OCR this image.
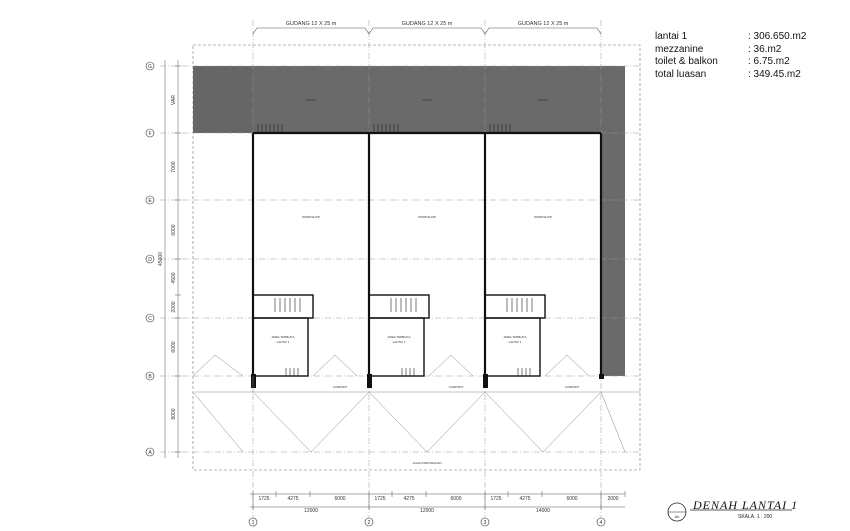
GUDANG 12 X 25 m	GUDANG 12 X 25 m	GUDANG 12 X 25 m
G
F
E
D
C
B
A
VAR
7000
6000
45000
4500
2000
6000
8000
TAMAN	TAMAN	TAMAN
WORKSHOP	WORKSHOP	WORKSHOP
AREA TERBUKA
LANTAI 1
AREA TERBUKA
LANTAI 1
AREA TERBUKA
LANTAI 1
CARPORT	CARPORT	CARPORT
JALAN PERUMAHAN
1725	4275	6000	1725	4275	6000	1725	4275	6000	2000
12000	12000	14000
1	2	3	4
Ak
lantai 1	: 306.650.m2
mezzanine	: 36.m2
toilet & balkon	: 6.75.m2
total luasan	: 349.45.m2
DENAH LANTAI 1
SKALA. 1 : 200
